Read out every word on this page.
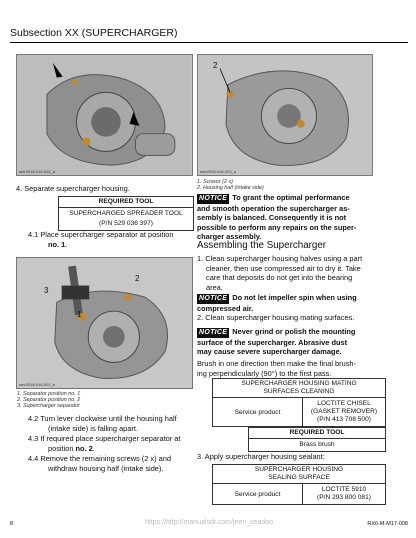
Subsection XX (SUPERCHARGER)
smr2016-016-002_a
2
smr2016-016-003_a
1. Screws (2 x)
2. Housing half (intake side)
4. Separate supercharger housing.
REQUIRED TOOL
SUPERCHARGED SPREADER TOOL
(P/N 529 036 397)
4.1 Place supercharger separator at position
no. 1.
3
2
1
smr2016-016-002_b
1. Separator position no. 1
2. Separator position no. 2
3. Supercharger separator
4.2 Turn lever clockwise until the housing half
(intake side) is falling apart.
4.3 If required place supercharger separator at
position no. 2.
4.4 Remove the remaining screws (2 x) and
withdraw housing half (intake side).
NOTICE To grant the optimal performance
and smooth operation the supercharger as-
sembly is balanced. Consequently it is not
possible to perform any repairs on the super-
charger assembly.
Assembling the Supercharger
1. Clean supercharger housing halves using a part
cleaner, then use compressed air to dry it. Take
care that deposits do not get into the bearing
area.
NOTICE Do not let impeller spin when using
compressed air.
2. Clean supercharger housing mating surfaces.
NOTICE Never grind or polish the mounting
surface of the supercharger. Abrasive dust
may cause severe supercharger damage.
Brush in one direction then make the final brush-
ing perpendicularly (90°) to the first pass.
SUPERCHARGER HOUSING MATING
SURFACES CLEANING
Service product
LOCTITE CHISEL
(GASKET REMOVER)
(P/N 413 708 500)
REQUIRED TOOL
Brass brush
3. Apply supercharger housing sealant:
SUPERCHARGER HOUSING
SEALING SURFACE
Service product
LOCTITE 5910
(P/N 293 800 081)
8	https://http://manualsdr.com/jeen_seadoo	RX6-M-M17-008
